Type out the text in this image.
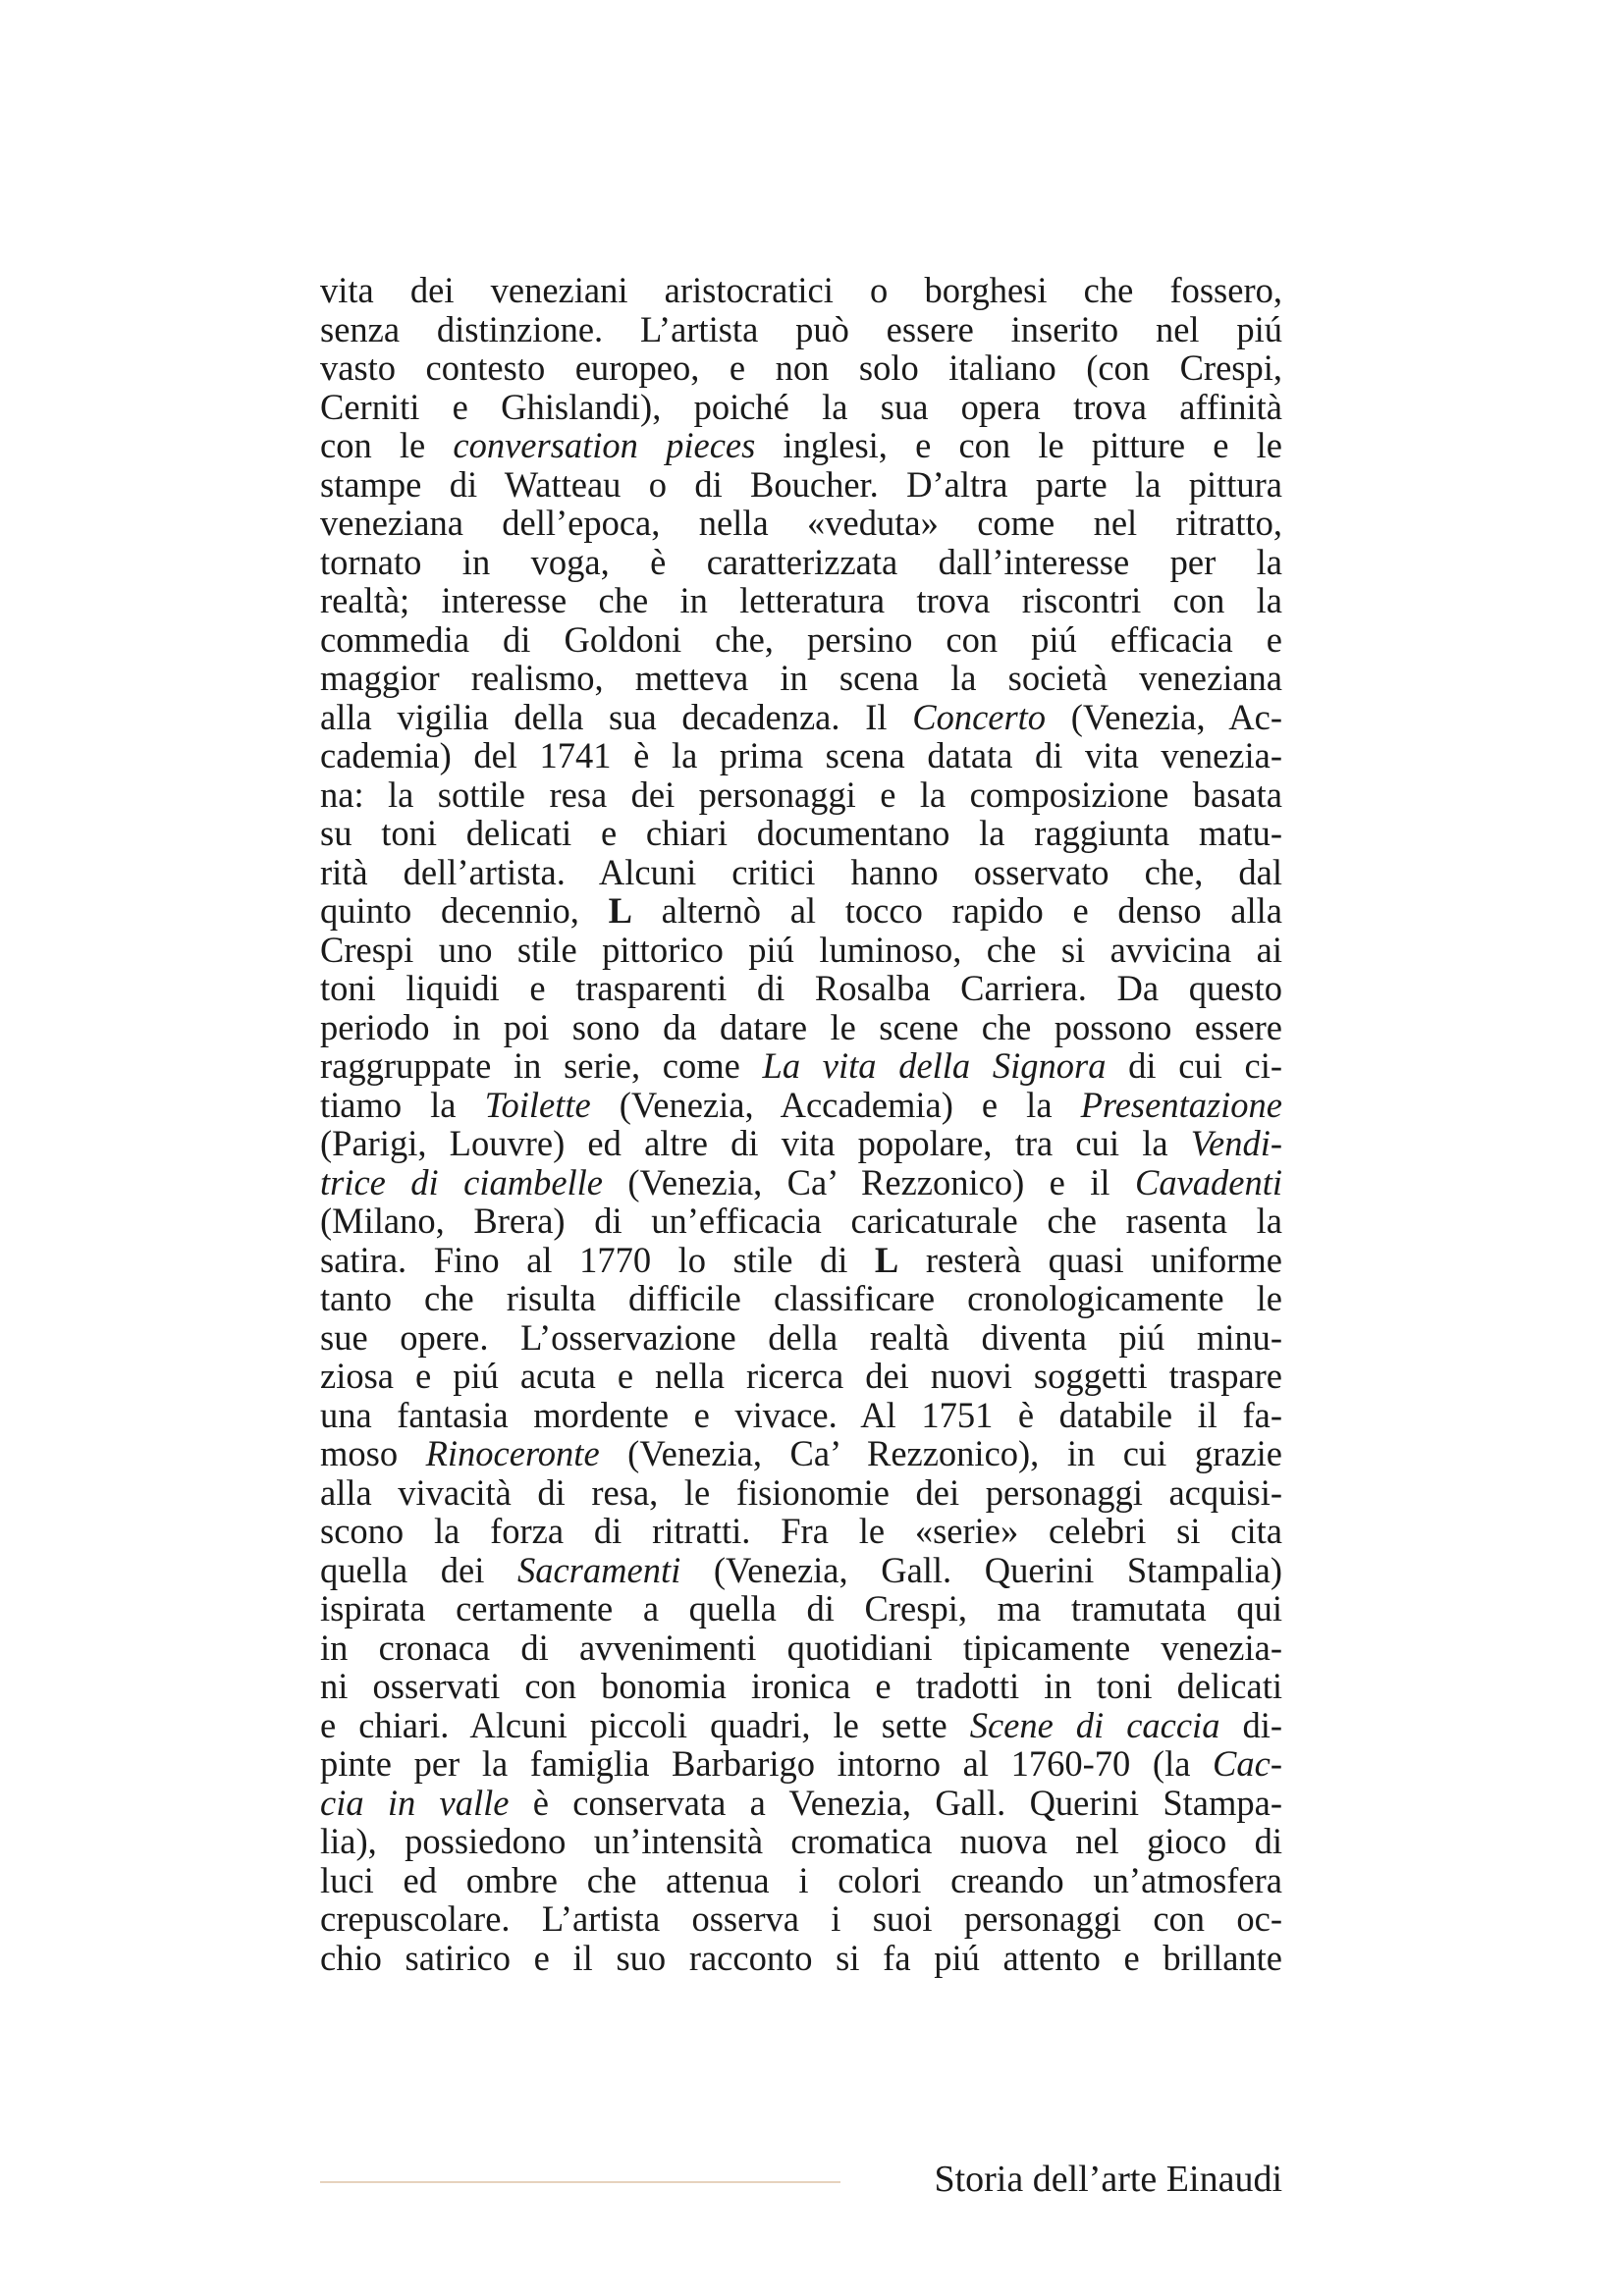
vita dei veneziani aristocratici o borghesi che fossero,
senza distinzione. L’artista può essere inserito nel piú
vasto contesto europeo, e non solo italiano (con Crespi,
Cerniti e Ghislandi), poiché la sua opera trova affinità
con le conversation pieces inglesi, e con le pitture e le
stampe di Watteau o di Boucher. D’altra parte la pittura
veneziana dell’epoca, nella «veduta» come nel ritratto,
tornato in voga, è caratterizzata dall’interesse per la
realtà; interesse che in letteratura trova riscontri con la
commedia di Goldoni che, persino con piú efficacia e
maggior realismo, metteva in scena la società veneziana
alla vigilia della sua decadenza. Il Concerto (Venezia, Ac-
cademia) del 1741 è la prima scena datata di vita venezia-
na: la sottile resa dei personaggi e la composizione basata
su toni delicati e chiari documentano la raggiunta matu-
rità dell’artista. Alcuni critici hanno osservato che, dal
quinto decennio, L alternò al tocco rapido e denso alla
Crespi uno stile pittorico piú luminoso, che si avvicina ai
toni liquidi e trasparenti di Rosalba Carriera. Da questo
periodo in poi sono da datare le scene che possono essere
raggruppate in serie, come La vita della Signora di cui ci-
tiamo la Toilette (Venezia, Accademia) e la Presentazione
(Parigi, Louvre) ed altre di vita popolare, tra cui la Vendi-
trice di ciambelle (Venezia, Ca’ Rezzonico) e il Cavadenti
(Milano, Brera) di un’efficacia caricaturale che rasenta la
satira. Fino al 1770 lo stile di L resterà quasi uniforme
tanto che risulta difficile classificare cronologicamente le
sue opere. L’osservazione della realtà diventa piú minu-
ziosa e piú acuta e nella ricerca dei nuovi soggetti traspare
una fantasia mordente e vivace. Al 1751 è databile il fa-
moso Rinoceronte (Venezia, Ca’ Rezzonico), in cui grazie
alla vivacità di resa, le fisionomie dei personaggi acquisi-
scono la forza di ritratti. Fra le «serie» celebri si cita
quella dei Sacramenti (Venezia, Gall. Querini Stampalia)
ispirata certamente a quella di Crespi, ma tramutata qui
in cronaca di avvenimenti quotidiani tipicamente venezia-
ni osservati con bonomia ironica e tradotti in toni delicati
e chiari. Alcuni piccoli quadri, le sette Scene di caccia di-
pinte per la famiglia Barbarigo intorno al 1760-70 (la Cac-
cia in valle è conservata a Venezia, Gall. Querini Stampa-
lia), possiedono un’intensità cromatica nuova nel gioco di
luci ed ombre che attenua i colori creando un’atmosfera
crepuscolare. L’artista osserva i suoi personaggi con oc-
chio satirico e il suo racconto si fa piú attento e brillante
Storia dell’arte Einaudi
